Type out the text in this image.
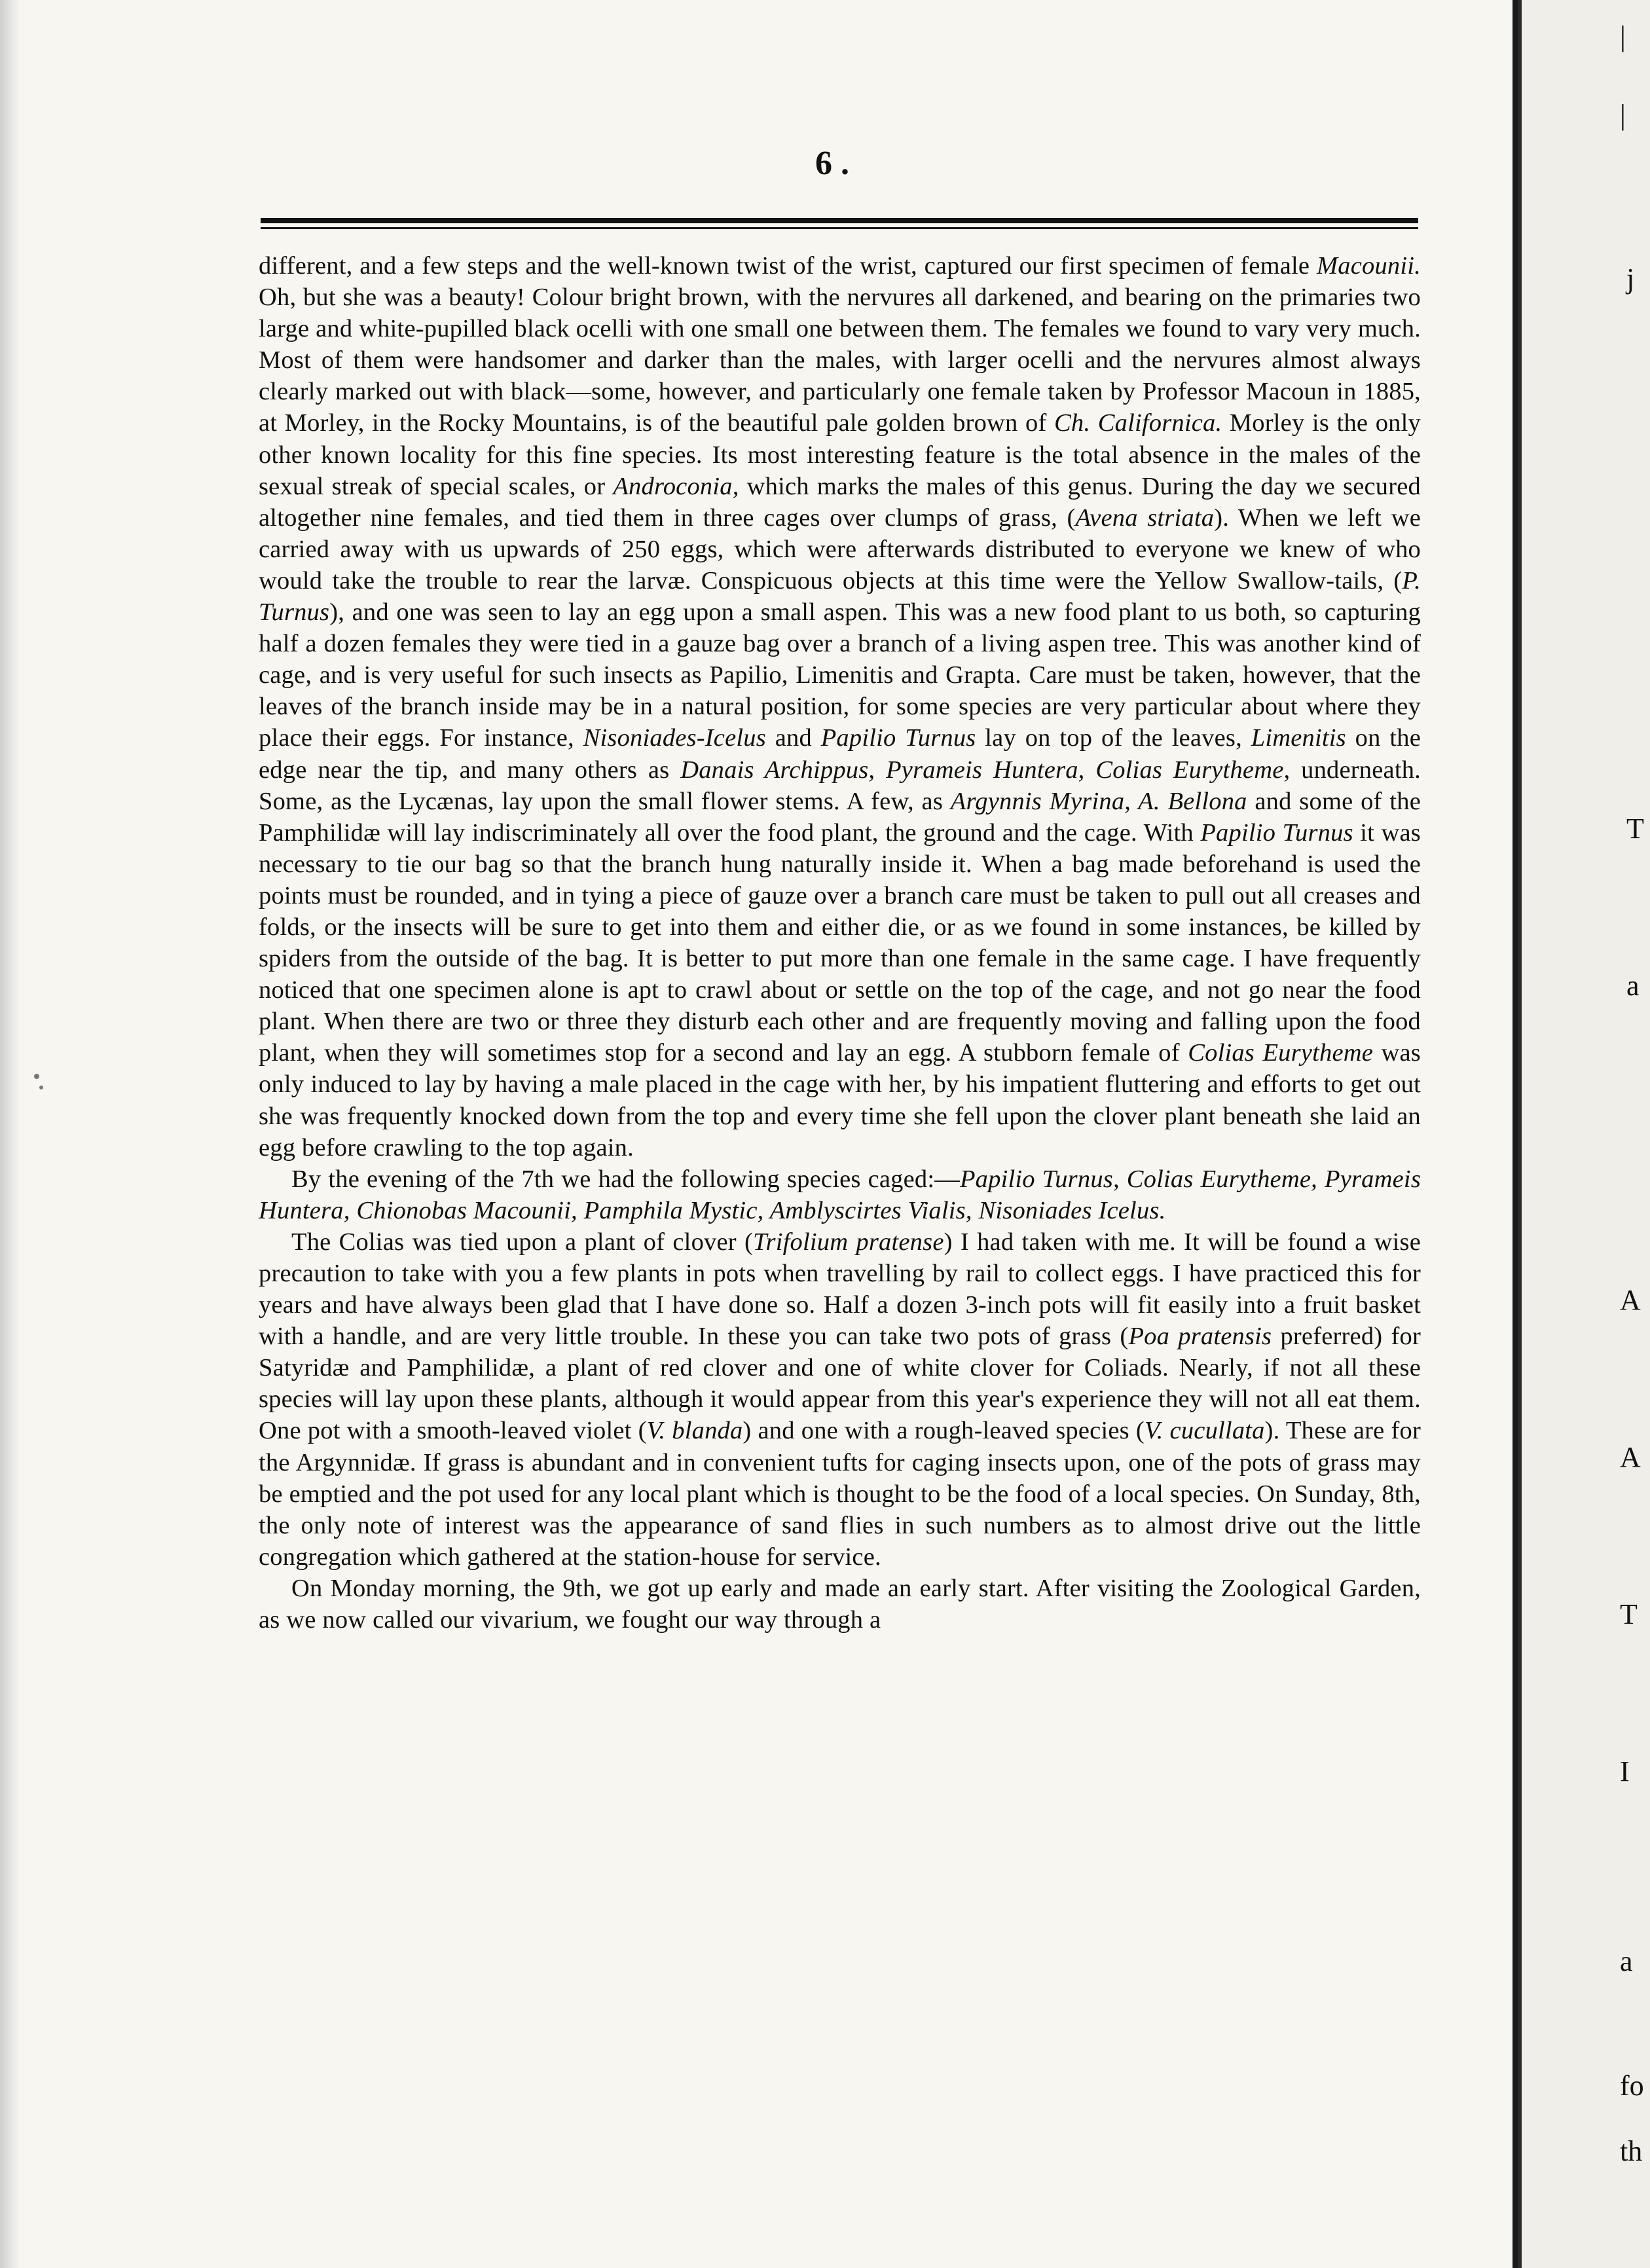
6 .

different, and a few steps and the well-known twist of the wrist, captured our first specimen of female Macounii. Oh, but she was a beauty! Colour bright brown, with the nervures all darkened, and bearing on the primaries two large and white-pupilled black ocelli with one small one between them. The females we found to vary very much. Most of them were handsomer and darker than the males, with larger ocelli and the nervures almost always clearly marked out with black—some, however, and particularly one female taken by Professor Macoun in 1885, at Morley, in the Rocky Mountains, is of the beautiful pale golden brown of Ch. Californica. Morley is the only other known locality for this fine species. Its most interesting feature is the total absence in the males of the sexual streak of special scales, or Androconia, which marks the males of this genus. During the day we secured altogether nine females, and tied them in three cages over clumps of grass, (Avena striata). When we left we carried away with us upwards of 250 eggs, which were afterwards distributed to everyone we knew of who would take the trouble to rear the larvæ. Conspicuous objects at this time were the Yellow Swallow-tails, (P. Turnus), and one was seen to lay an egg upon a small aspen. This was a new food plant to us both, so capturing half a dozen females they were tied in a gauze bag over a branch of a living aspen tree. This was another kind of cage, and is very useful for such insects as Papilio, Limenitis and Grapta. Care must be taken, however, that the leaves of the branch inside may be in a natural position, for some species are very particular about where they place their eggs. For instance, Nisoniades-Icelus and Papilio Turnus lay on top of the leaves, Limenitis on the edge near the tip, and many others as Danais Archippus, Pyrameis Huntera, Colias Eurytheme, underneath. Some, as the Lycænas, lay upon the small flower stems. A few, as Argynnis Myrina, A. Bellona and some of the Pamphilidæ will lay indiscriminately all over the food plant, the ground and the cage. With Papilio Turnus it was necessary to tie our bag so that the branch hung naturally inside it. When a bag made beforehand is used the points must be rounded, and in tying a piece of gauze over a branch care must be taken to pull out all creases and folds, or the insects will be sure to get into them and either die, or as we found in some instances, be killed by spiders from the outside of the bag. It is better to put more than one female in the same cage. I have frequently noticed that one specimen alone is apt to crawl about or settle on the top of the cage, and not go near the food plant. When there are two or three they disturb each other and are frequently moving and falling upon the food plant, when they will sometimes stop for a second and lay an egg. A stubborn female of Colias Eurytheme was only induced to lay by having a male placed in the cage with her, by his impatient fluttering and efforts to get out she was frequently knocked down from the top and every time she fell upon the clover plant beneath she laid an egg before crawling to the top again.

By the evening of the 7th we had the following species caged:—Papilio Turnus, Colias Eurytheme, Pyrameis Huntera, Chionobas Macounii, Pamphila Mystic, Amblyscirtes Vialis, Nisoniades Icelus.

The Colias was tied upon a plant of clover (Trifolium pratense) I had taken with me. It will be found a wise precaution to take with you a few plants in pots when travelling by rail to collect eggs. I have practiced this for years and have always been glad that I have done so. Half a dozen 3-inch pots will fit easily into a fruit basket with a handle, and are very little trouble. In these you can take two pots of grass (Poa pratensis preferred) for Satyridæ and Pamphilidæ, a plant of red clover and one of white clover for Coliads. Nearly, if not all these species will lay upon these plants, although it would appear from this year's experience they will not all eat them. One pot with a smooth-leaved violet (V. blanda) and one with a rough-leaved species (V. cucullata). These are for the Argynnidæ. If grass is abundant and in convenient tufts for caging insects upon, one of the pots of grass may be emptied and the pot used for any local plant which is thought to be the food of a local species. On Sunday, 8th, the only note of interest was the appearance of sand flies in such numbers as to almost drive out the little congregation which gathered at the station-house for service.

On Monday morning, the 9th, we got up early and made an early start. After visiting the Zoological Garden, as we now called our vivarium, we fought our way through a

|
|
j
T
a
A
A
T
I
a
fo
th
